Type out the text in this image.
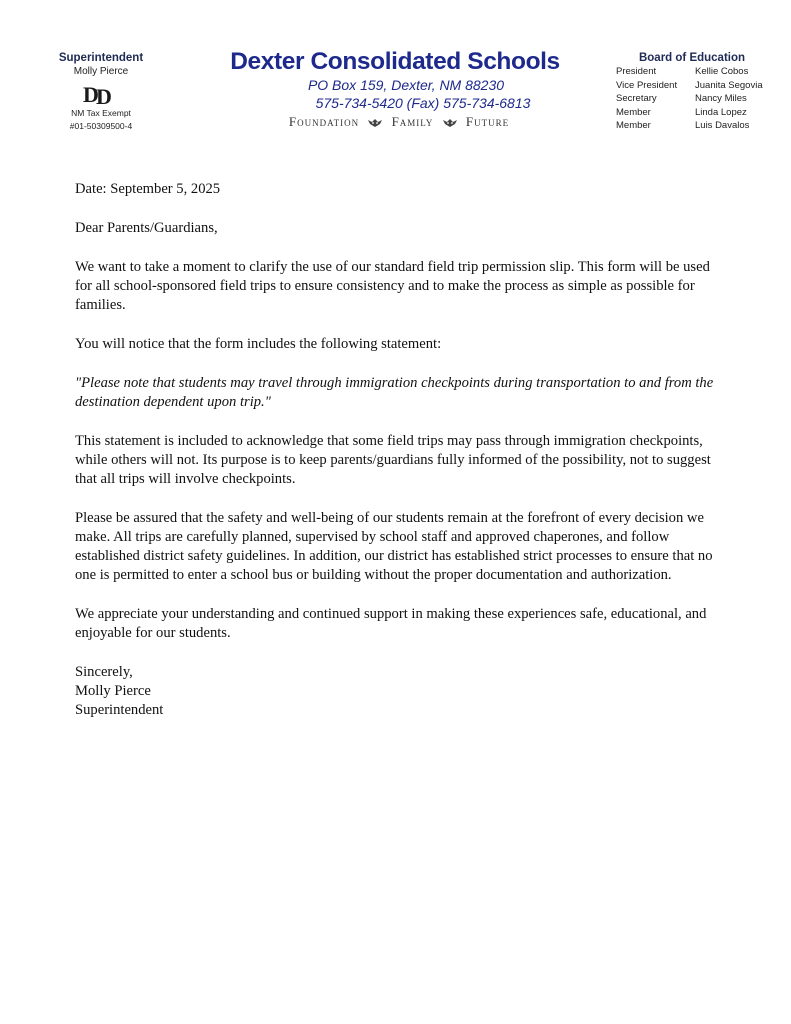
Superintendent
Molly Pierce
D
D
NM Tax Exempt
#01-50309500-4
Dexter Consolidated Schools
PO Box 159, Dexter, NM 88230
575-734-5420 (Fax) 575-734-6813
Foundation	Family	Future
Board of Education
President	Kellie Cobos
Vice President	Juanita Segovia
Secretary	Nancy Miles
Member	Linda Lopez
Member	Luis Davalos

Date: September 5, 2025

Dear Parents/Guardians,

We want to take a moment to clarify the use of our standard field trip permission slip. This form will be used for all school-sponsored field trips to ensure consistency and to make the process as simple as possible for families.

You will notice that the form includes the following statement:

"Please note that students may travel through immigration checkpoints during transportation to and from the destination dependent upon trip."

This statement is included to acknowledge that some field trips may pass through immigration checkpoints, while others will not. Its purpose is to keep parents/guardians fully informed of the possibility, not to suggest that all trips will involve checkpoints.

Please be assured that the safety and well-being of our students remain at the forefront of every decision we make. All trips are carefully planned, supervised by school staff and approved chaperones, and follow established district safety guidelines. In addition, our district has established strict processes to ensure that no one is permitted to enter a school bus or building without the proper documentation and authorization.

We appreciate your understanding and continued support in making these experiences safe, educational, and enjoyable for our students.

Sincerely,
Molly Pierce
Superintendent
